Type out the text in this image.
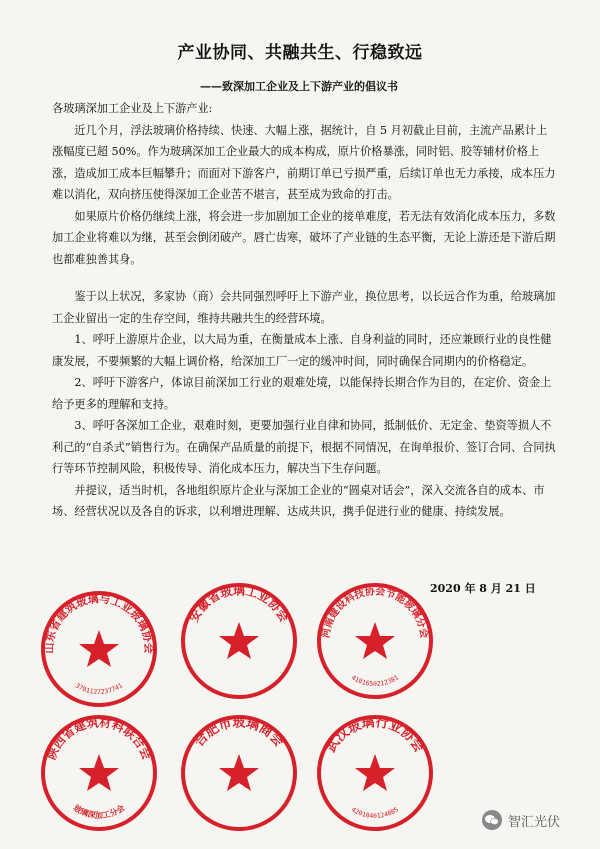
产业协同、共融共生、行稳致远
——致深加工企业及上下游产业的倡议书

各玻璃深加工企业及上下游产业:

近几个月，浮法玻璃价格持续、快速、大幅上涨，据统计，自 5 月初截止目前，主流产品累计上涨幅度已超 50%。作为玻璃深加工企业最大的成本构成，原片价格暴涨，同时铝、胶等辅材价格上涨，造成加工成本巨幅攀升；而面对下游客户，前期订单已亏损严重，后续订单也无力承接，成本压力难以消化，双向挤压使得深加工企业苦不堪言，甚至成为致命的打击。

如果原片价格仍继续上涨，将会进一步加剧加工企业的接单难度，若无法有效消化成本压力，多数加工企业将难以为继，甚至会倒闭破产。唇亡齿寒，破坏了产业链的生态平衡，无论上游还是下游后期也都难独善其身。

鉴于以上状况，多家协（商）会共同强烈呼吁上下游产业，换位思考，以长远合作为重，给玻璃加工企业留出一定的生存空间，维持共融共生的经营环境。

1、呼吁上游原片企业，以大局为重，在衡量成本上涨、自身利益的同时，还应兼顾行业的良性健康发展，不要频繁的大幅上调价格，给深加工厂一定的缓冲时间，同时确保合同期内的价格稳定。

2、呼吁下游客户，体谅目前深加工行业的艰难处境，以能保持长期合作为目的，在定价、资金上给予更多的理解和支持。

3、呼吁各深加工企业，艰难时刻，更要加强行业自律和协同，抵制低价、无定金、垫资等损人不利己的“自杀式”销售行为。在确保产品质量的前提下，根据不同情况，在询单报价、签订合同、合同执行等环节控制风险，积极传导、消化成本压力，解决当下生存问题。

并提议，适当时机，各地组织原片企业与深加工企业的“圆桌对话会”，深入交流各自的成本、市场、经营状况以及各自的诉求，以利增进理解、达成共识，携手促进行业的健康、持续发展。

2020 年 8 月 21 日
山东省建筑玻璃与工业玻璃协会
3701127237741
安徽省玻璃工业协会
河南建设科技协会节能玻璃分会
4101650212381
陕西省建筑材料联合会
玻璃深加工分会
合肥市玻璃商会	武汉玻璃行业协会
4201040124085
智汇光伏
